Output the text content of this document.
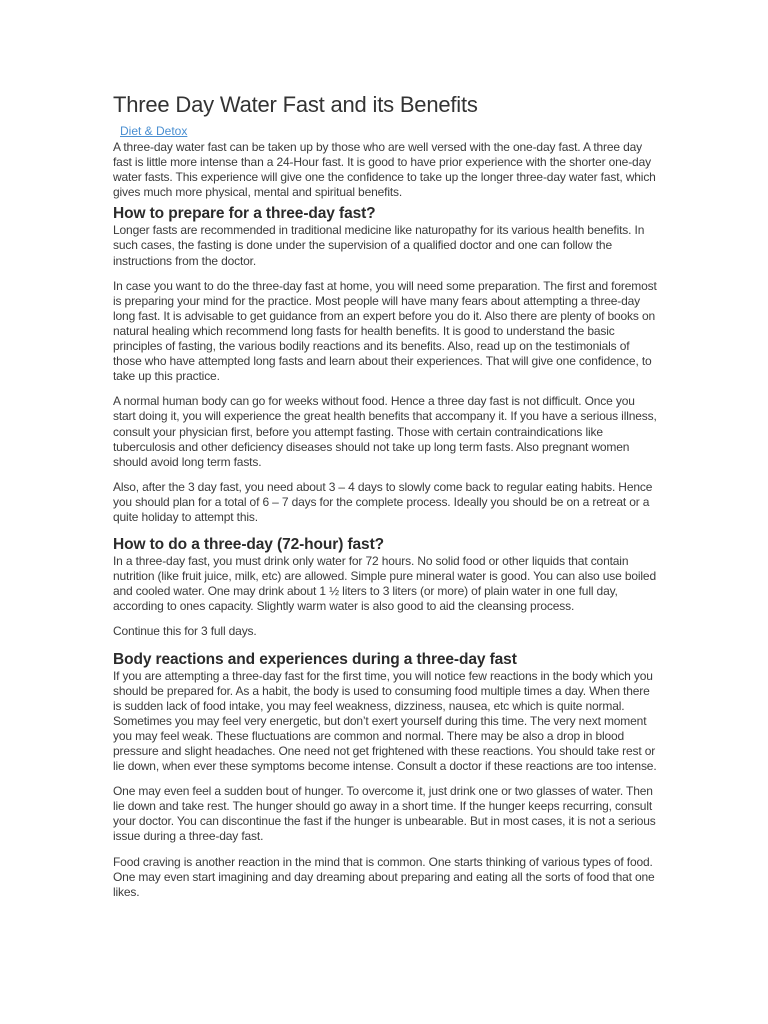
Three Day Water Fast and its Benefits
Diet & Detox

A three-day water fast can be taken up by those who are well versed with the one-day fast. A three day fast is little more intense than a 24-Hour fast. It is good to have prior experience with the shorter one-day water fasts. This experience will give one the confidence to take up the longer three-day water fast, which gives much more physical, mental and spiritual benefits.

How to prepare for a three-day fast?

Longer fasts are recommended in traditional medicine like naturopathy for its various health benefits. In such cases, the fasting is done under the supervision of a qualified doctor and one can follow the instructions from the doctor.

In case you want to do the three-day fast at home, you will need some preparation. The first and foremost is preparing your mind for the practice. Most people will have many fears about attempting a three-day long fast. It is advisable to get guidance from an expert before you do it. Also there are plenty of books on natural healing which recommend long fasts for health benefits. It is good to understand the basic principles of fasting, the various bodily reactions and its benefits. Also, read up on the testimonials of those who have attempted long fasts and learn about their experiences. That will give one confidence, to take up this practice.

A normal human body can go for weeks without food. Hence a three day fast is not difficult. Once you start doing it, you will experience the great health benefits that accompany it. If you have a serious illness, consult your physician first, before you attempt fasting. Those with certain contraindications like tuberculosis and other deficiency diseases should not take up long term fasts. Also pregnant women should avoid long term fasts.

Also, after the 3 day fast, you need about 3 – 4 days to slowly come back to regular eating habits. Hence you should plan for a total of 6 – 7 days for the complete process. Ideally you should be on a retreat or a quite holiday to attempt this.

How to do a three-day (72-hour) fast?

In a three-day fast, you must drink only water for 72 hours. No solid food or other liquids that contain nutrition (like fruit juice, milk, etc) are allowed. Simple pure mineral water is good. You can also use boiled and cooled water. One may drink about 1 ½ liters to 3 liters (or more) of plain water in one full day, according to ones capacity. Slightly warm water is also good to aid the cleansing process.

Continue this for 3 full days.

Body reactions and experiences during a three-day fast

If you are attempting a three-day fast for the first time, you will notice few reactions in the body which you should be prepared for. As a habit, the body is used to consuming food multiple times a day. When there is sudden lack of food intake, you may feel weakness, dizziness, nausea, etc which is quite normal. Sometimes you may feel very energetic, but don’t exert yourself during this time. The very next moment you may feel weak. These fluctuations are common and normal. There may be also a drop in blood pressure and slight headaches. One need not get frightened with these reactions. You should take rest or lie down, when ever these symptoms become intense. Consult a doctor if these reactions are too intense.

One may even feel a sudden bout of hunger. To overcome it, just drink one or two glasses of water. Then lie down and take rest. The hunger should go away in a short time. If the hunger keeps recurring, consult your doctor. You can discontinue the fast if the hunger is unbearable. But in most cases, it is not a serious issue during a three-day fast.

Food craving is another reaction in the mind that is common. One starts thinking of various types of food. One may even start imagining and day dreaming about preparing and eating all the sorts of food that one likes.
